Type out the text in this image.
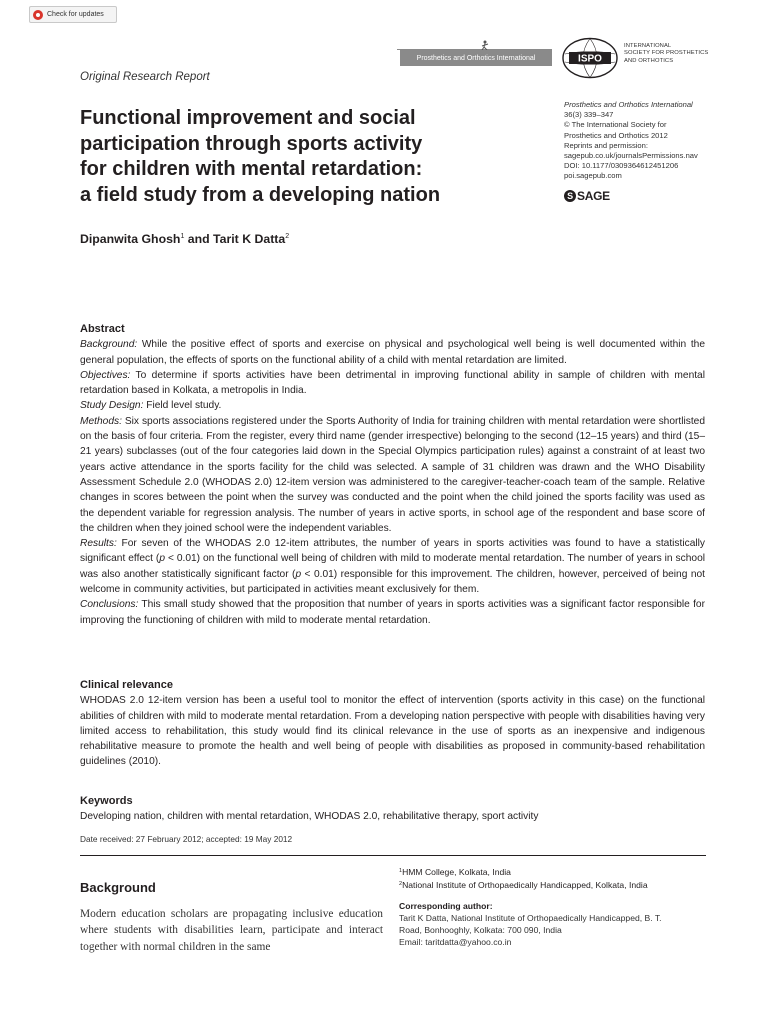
Check for updates
Prosthetics and Orthotics International	ISPO
INTERNATIONAL
SOCIETY FOR PROSTHETICS
AND ORTHOTICS
Original Research Report
Functional improvement and social
participation through sports activity
for children with mental retardation:
a field study from a developing nation
Prosthetics and Orthotics International
36(3) 339–347
© The International Society for
Prosthetics and Orthotics 2012
Reprints and permission:
sagepub.co.uk/journalsPermissions.nav
DOI: 10.1177/0309364612451206
poi.sagepub.com
S SAGE
Dipanwita Ghosh$^1$ and Tarit K Datta$^2$
Abstract

Background: While the positive effect of sports and exercise on physical and psychological well being is well documented within the general population, the effects of sports on the functional ability of a child with mental retardation are limited.

Objectives: To determine if sports activities have been detrimental in improving functional ability in sample of children with mental retardation based in Kolkata, a metropolis in India.

Study Design: Field level study.

Methods: Six sports associations registered under the Sports Authority of India for training children with mental retardation were shortlisted on the basis of four criteria. From the register, every third name (gender irrespective) belonging to the second (12–15 years) and third (15–21 years) subclasses (out of the four categories laid down in the Special Olympics participation rules) against a constraint of at least two years active attendance in the sports facility for the child was selected. A sample of 31 children was drawn and the WHO Disability Assessment Schedule 2.0 (WHODAS 2.0) 12-item version was administered to the caregiver-teacher-coach team of the sample. Relative changes in scores between the point when the survey was conducted and the point when the child joined the sports facility was used as the dependent variable for regression analysis. The number of years in active sports, in school age of the respondent and base score of the children when they joined school were the independent variables.

Results: For seven of the WHODAS 2.0 12-item attributes, the number of years in sports activities was found to have a statistically significant effect (p < 0.01) on the functional well being of children with mild to moderate mental retardation. The number of years in school was also another statistically significant factor (p < 0.01) responsible for this improvement. The children, however, perceived of being not welcome in community activities, but participated in activities meant exclusively for them.

Conclusions: This small study showed that the proposition that number of years in sports activities was a significant factor responsible for improving the functioning of children with mild to moderate mental retardation.

Clinical relevance

WHODAS 2.0 12-item version has been a useful tool to monitor the effect of intervention (sports activity in this case) on the functional abilities of children with mild to moderate mental retardation. From a developing nation perspective with people with disabilities having very limited access to rehabilitation, this study would find its clinical relevance in the use of sports as an inexpensive and indigenous rehabilitative measure to promote the health and well being of people with disabilities as proposed in community-based rehabilitation guidelines (2010).

Keywords

Developing nation, children with mental retardation, WHODAS 2.0, rehabilitative therapy, sport activity

Date received: 27 February 2012; accepted: 19 May 2012
Background

Modern education scholars are propagating inclusive education where students with disabilities learn, participate and interact together with normal children in the same

$^1$HMM College, Kolkata, India

$^2$National Institute of Orthopaedically Handicapped, Kolkata, India

Corresponding author:

Tarit K Datta, National Institute of Orthopaedically Handicapped, B. T.

Road, Bonhooghly, Kolkata: 700 090, India

Email: taritdatta@yahoo.co.in
